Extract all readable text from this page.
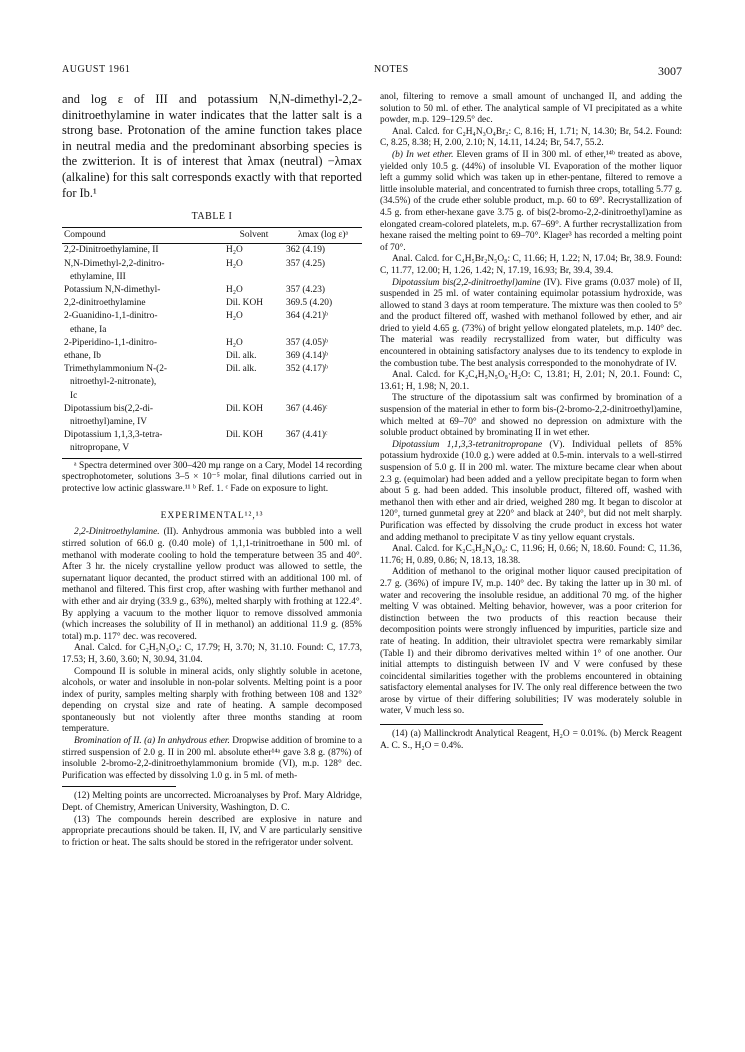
AUGUST 1961	NOTES	3007

and log ε of III and potassium N,N-dimethyl-2,2-dinitroethylamine in water indicates that the latter salt is a strong base. Protonation of the amine function takes place in neutral media and the predominant absorbing species is the zwitterion. It is of interest that λmax (neutral) −λmax (alkaline) for this salt corresponds exactly with that reported for Ib.¹

TABLE I

Compound	Solvent	λmax (log ε)ᵃ
2,2-Dinitroethylamine, II	H₂O	362 (4.19)
N,N-Dimethyl-2,2-dinitro-	H₂O	357 (4.25)
ethylamine, III		
Potassium N,N-dimethyl-	H₂O	357 (4.23)
2,2-dinitroethylamine	Dil. KOH	369.5 (4.20)
2-Guanidino-1,1-dinitro-	H₂O	364 (4.21)ᵇ
ethane, Ia		
2-Piperidino-1,1-dinitro-	H₂O	357 (4.05)ᵇ
ethane, Ib	Dil. alk.	369 (4.14)ᵇ
Trimethylammonium N-(2-	Dil. alk.	352 (4.17)ᵇ
nitroethyl-2-nitronate),		
Ic		
Dipotassium bis(2,2-di-	Dil. KOH	367 (4.46)ᶜ
nitroethyl)amine, IV		
Dipotassium 1,1,3,3-tetra-	Dil. KOH	367 (4.41)ᶜ
nitropropane, V		

ᵃ Spectra determined over 300–420 mμ range on a Cary, Model 14 recording spectrophotometer, solutions 3–5 × 10⁻⁵ molar, final dilutions carried out in protective low actinic glassware.¹¹ ᵇ Ref. 1. ᶜ Fade on exposure to light.

EXPERIMENTAL¹²,¹³

2,2-Dinitroethylamine. (II). Anhydrous ammonia was bubbled into a well stirred solution of 66.0 g. (0.40 mole) of 1,1,1-trinitroethane in 500 ml. of methanol with moderate cooling to hold the temperature between 35 and 40°. After 3 hr. the nicely crystalline yellow product was allowed to settle, the supernatant liquor decanted, the product stirred with an additional 100 ml. of methanol and filtered. This first crop, after washing with further methanol and with ether and air drying (33.9 g., 63%), melted sharply with frothing at 122.4°. By applying a vacuum to the mother liquor to remove dissolved ammonia (which increases the solubility of II in methanol) an additional 11.9 g. (85% total) m.p. 117° dec. was recovered.

Anal. Calcd. for C₂H₅N₃O₄: C, 17.79; H, 3.70; N, 31.10. Found: C, 17.73, 17.53; H, 3.60, 3.60; N, 30.94, 31.04.

Compound II is soluble in mineral acids, only slightly soluble in acetone, alcohols, or water and insoluble in non-polar solvents. Melting point is a poor index of purity, samples melting sharply with frothing between 108 and 132° depending on crystal size and rate of heating. A sample decomposed spontaneously but not violently after three months standing at room temperature.

Bromination of II. (a) In anhydrous ether. Dropwise addition of bromine to a stirred suspension of 2.0 g. II in 200 ml. absolute ether¹⁴ᵃ gave 3.8 g. (87%) of insoluble 2-bromo-2,2-dinitroethylammonium bromide (VI), m.p. 128° dec. Purification was effected by dissolving 1.0 g. in 5 ml. of meth-

(12) Melting points are uncorrected. Microanalyses by Prof. Mary Aldridge, Dept. of Chemistry, American University, Washington, D. C.

(13) The compounds herein described are explosive in nature and appropriate precautions should be taken. II, IV, and V are particularly sensitive to friction or heat. The salts should be stored in the refrigerator under solvent.

anol, filtering to remove a small amount of unchanged II, and adding the solution to 50 ml. of ether. The analytical sample of VI precipitated as a white powder, m.p. 129–129.5° dec.

Anal. Calcd. for C₂H₄N₃O₄Br₂: C, 8.16; H, 1.71; N, 14.30; Br, 54.2. Found: C, 8.25, 8.38; H, 2.00, 2.10; N, 14.11, 14.24; Br, 54.7, 55.2.

(b) In wet ether. Eleven grams of II in 300 ml. of ether,¹⁴ᵇ treated as above, yielded only 10.5 g. (44%) of insoluble VI. Evaporation of the mother liquor left a gummy solid which was taken up in ether-pentane, filtered to remove a little insoluble material, and concentrated to furnish three crops, totalling 5.77 g. (34.5%) of the crude ether soluble product, m.p. 60 to 69°. Recrystallization of 4.5 g. from ether-hexane gave 3.75 g. of bis(2-bromo-2,2-dinitroethyl)amine as elongated cream-colored platelets, m.p. 67–69°. A further recrystallization from hexane raised the melting point to 69–70°. Klager³ has recorded a melting point of 70°.

Anal. Calcd. for C₄H₅Br₂N₅O₈: C, 11.66; H, 1.22; N, 17.04; Br, 38.9. Found: C, 11.77, 12.00; H, 1.26, 1.42; N, 17.19, 16.93; Br, 39.4, 39.4.

Dipotassium bis(2,2-dinitroethyl)amine (IV). Five grams (0.037 mole) of II, suspended in 25 ml. of water containing equimolar potassium hydroxide, was allowed to stand 3 days at room temperature. The mixture was then cooled to 5° and the product filtered off, washed with methanol followed by ether, and air dried to yield 4.65 g. (73%) of bright yellow elongated platelets, m.p. 140° dec. The material was readily recrystallized from water, but difficulty was encountered in obtaining satisfactory analyses due to its tendency to explode in the combustion tube. The best analysis corresponded to the monohydrate of IV.

Anal. Calcd. for K₂C₄H₅N₅O₈·H₂O: C, 13.81; H, 2.01; N, 20.1. Found: C, 13.61; H, 1.98; N, 20.1.

The structure of the dipotassium salt was confirmed by bromination of a suspension of the material in ether to form bis-(2-bromo-2,2-dinitroethyl)amine, which melted at 69–70° and showed no depression on admixture with the soluble product obtained by brominating II in wet ether.

Dipotassium 1,1,3,3-tetranitropropane (V). Individual pellets of 85% potassium hydroxide (10.0 g.) were added at 0.5-min. intervals to a well-stirred suspension of 5.0 g. II in 200 ml. water. The mixture became clear when about 2.3 g. (equimolar) had been added and a yellow precipitate began to form when about 5 g. had been added. This insoluble product, filtered off, washed with methanol then with ether and air dried, weighed 280 mg. It began to discolor at 120°, turned gunmetal grey at 220° and black at 240°, but did not melt sharply. Purification was effected by dissolving the crude product in excess hot water and adding methanol to precipitate V as tiny yellow equant crystals.

Anal. Calcd. for K₂C₃H₂N₄O₈: C, 11.96; H, 0.66; N, 18.60. Found: C, 11.36, 11.76; H, 0.89, 0.86; N, 18.13, 18.38.

Addition of methanol to the original mother liquor caused precipitation of 2.7 g. (36%) of impure IV, m.p. 140° dec. By taking the latter up in 30 ml. of water and recovering the insoluble residue, an additional 70 mg. of the higher melting V was obtained. Melting behavior, however, was a poor criterion for distinction between the two products of this reaction because their decomposition points were strongly influenced by impurities, particle size and rate of heating. In addition, their ultraviolet spectra were remarkably similar (Table I) and their dibromo derivatives melted within 1° of one another. Our initial attempts to distinguish between IV and V were confused by these coincidental similarities together with the problems encountered in obtaining satisfactory elemental analyses for IV. The only real difference between the two arose by virtue of their differing solubilities; IV was moderately soluble in water, V much less so.

(14) (a) Mallinckrodt Analytical Reagent, H₂O = 0.01%. (b) Merck Reagent A. C. S., H₂O = 0.4%.
